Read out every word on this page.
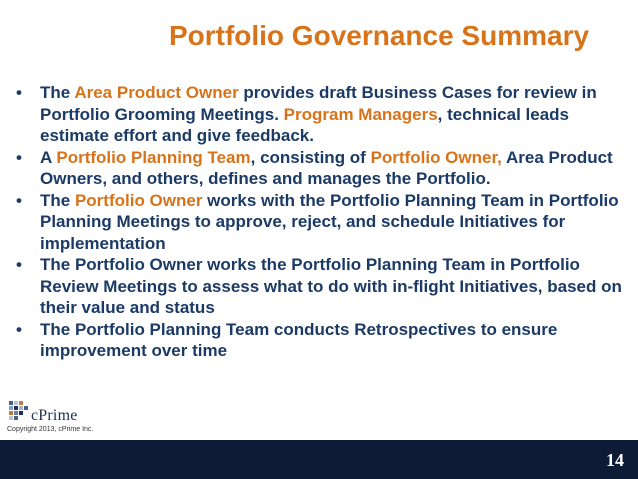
Portfolio Governance Summary
• The Area Product Owner provides draft Business Cases for review in Portfolio Grooming Meetings. Program Managers, technical leads estimate effort and give feedback.
• A Portfolio Planning Team, consisting of Portfolio Owner, Area Product Owners, and others, defines and manages the Portfolio.
• The Portfolio Owner works with the Portfolio Planning Team in Portfolio Planning Meetings to approve, reject, and schedule Initiatives for implementation
• The Portfolio Owner works the Portfolio Planning Team in Portfolio Review Meetings to assess what to do with in-flight Initiatives, based on their value and status
• The Portfolio Planning Team conducts Retrospectives to ensure improvement over time
cPrime
Copyright 2013, cPrime Inc.
14
